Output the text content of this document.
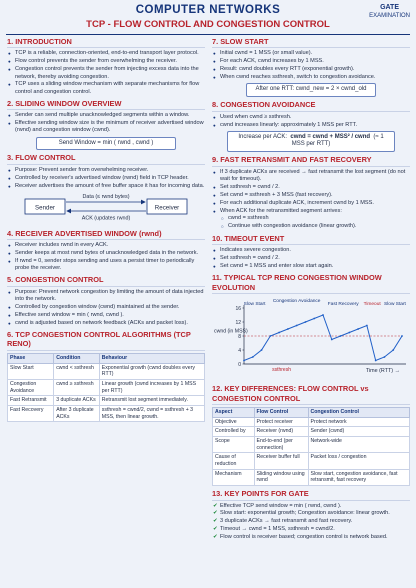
COMPUTER NETWORKS
TCP - FLOW CONTROL AND CONGESTION CONTROL
GATE
EXAMINATION
1. INTRODUCTION
● TCP is a reliable, connection-oriented, end-to-end transport layer protocol.
● Flow control prevents the sender from overwhelming the receiver.
● Congestion control prevents the sender from injecting excess data into the network, thereby avoiding congestion.
● TCP uses a sliding window mechanism with separate mechanisms for flow control and congestion control.
2. SLIDING WINDOW OVERVIEW
● Sender can send multiple unacknowledged segments within a window.
● Effective sending window size is the minimum of receiver advertised window (rwnd) and congestion window (cwnd).
Send Window = min ( rwnd , cwnd )
3. FLOW CONTROL
● Purpose: Prevent sender from overwhelming receiver.
● Controlled by receiver's advertised window (rwnd) field in TCP header.
● Receiver advertises the amount of free buffer space it has for incoming data.
Sender	Receiver
Data (≤ rwnd bytes)
ACK (updates rwnd)
4. RECEIVER ADVERTISED WINDOW (rwnd)
● Receiver includes rwnd in every ACK.
● Sender keeps at most rwnd bytes of unacknowledged data in the network.
● If rwnd = 0, sender stops sending and uses a persist timer to periodically probe the receiver.
5. CONGESTION CONTROL
● Purpose: Prevent network congestion by limiting the amount of data injected into the network.
● Controlled by congestion window (cwnd) maintained at the sender.
● Effective send window = min ( rwnd, cwnd ).
● cwnd is adjusted based on network feedback (ACKs and packet loss).
6. TCP CONGESTION CONTROL ALGORITHMS (TCP RENO)
Phase	Condition	Behaviour
Slow Start	cwnd < ssthresh	Exponential growth (cwnd doubles every RTT)
Congestion Avoidance	cwnd ≥ ssthresh	Linear growth (cwnd increases by 1 MSS per RTT)
Fast Retransmit	3 duplicate ACKs	Retransmit lost segment immediately.
Fast Recovery	After 3 duplicate ACKs	ssthresh = cwnd/2, cwnd = ssthresh + 3 MSS, then linear growth.
7. SLOW START
● Initial cwnd = 1 MSS (or small value).
● For each ACK, cwnd increases by 1 MSS.
● Result: cwnd doubles every RTT (exponential growth).
● When cwnd reaches ssthresh, switch to congestion avoidance.
After one RTT: cwnd_new = 2 × cwnd_old
8. CONGESTION AVOIDANCE
● Used when cwnd ≥ ssthresh.
● cwnd increases linearly: approximately 1 MSS per RTT.
Increase per ACK: cwnd = cwnd + MSS² / cwnd (≈ 1 MSS per RTT)
9. FAST RETRANSMIT AND FAST RECOVERY
● If 3 duplicate ACKs are received → fast retransmit the lost segment (do not wait for timeout).
● Set ssthresh = cwnd / 2.
● Set cwnd = ssthresh + 3 MSS (fast recovery).
● For each additional duplicate ACK, increment cwnd by 1 MSS.
● When ACK for the retransmitted segment arrives:
○ cwnd = ssthresh
○ Continue with congestion avoidance (linear growth).
10. TIMEOUT EVENT
● Indicates severe congestion.
● Set ssthresh = cwnd / 2.
● Set cwnd = 1 MSS and enter slow start again.
11. TYPICAL TCP RENO CONGESTION WINDOW EVOLUTION
0
4
8
12
16
cwnd (in MSS)
Time (RTT) →
ssthresh
Slow Start
Congestion Avoidance
Fast Recovery Timeout Slow Start
12. KEY DIFFERENCES: FLOW CONTROL vs CONGESTION CONTROL
Aspect	Flow Control	Congestion Control
Objective	Protect receiver	Protect network
Controlled by	Receiver (rwnd)	Sender (cwnd)
Scope	End-to-end (per connection)	Network-wide
Cause of reduction	Receiver buffer full	Packet loss / congestion
Mechanism	Sliding window using rwnd	Slow start, congestion avoidance, fast retransmit, fast recovery
13. KEY POINTS FOR GATE
✔ Effective TCP send window = min ( rwnd, cwnd ).
✔ Slow start: exponential growth; Congestion avoidance: linear growth.
✔ 3 duplicate ACKs → fast retransmit and fast recovery.
✔ Timeout → cwnd = 1 MSS, ssthresh = cwnd/2.
✔ Flow control is receiver based; congestion control is network based.
